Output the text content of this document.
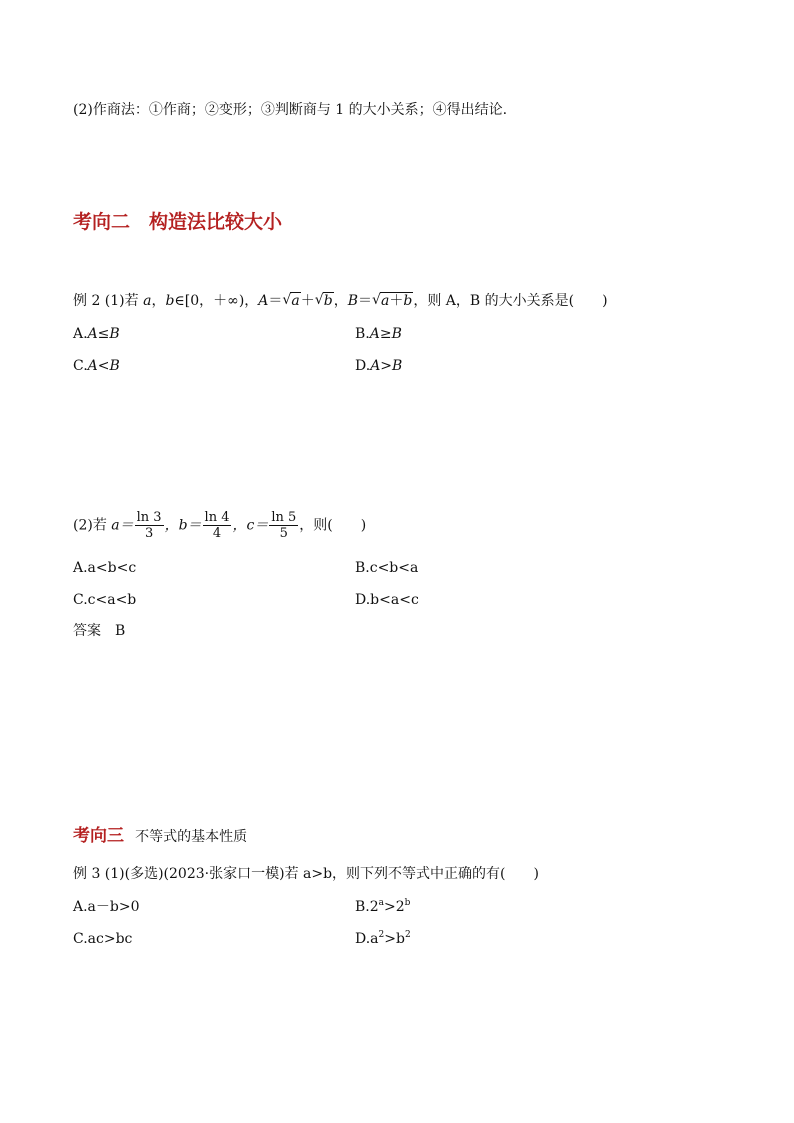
(2)作商法：①作商；②变形；③判断商与 1 的大小关系；④得出结论.
考向二　构造法比较大小
例 2 (1)若 a，b∈[0，＋∞)，A＝ √ a＋ √ b，B＝ √ a＋b，则 A，B 的大小关系是(　　)
A.A≤B	B.A≥B
C.A<B	D.A>B
(2)若 $a= \frac{\ln 3}{3}$ ，$b= \frac{\ln 4}{4}$ ，$c= \frac{\ln 5}{5}$ ，则(　　)
A.a<b<c	B.c<b<a
C.c<a<b	D.b<a<c
答案 B
考向三 不等式的基本性质
例 3 (1)(多选)(2023·张家口一模)若 a>b，则下列不等式中正确的有(　　)
A.a－b>0	$B.2^a>2^b$
C.ac>bc	$D.a^2>b^2$
